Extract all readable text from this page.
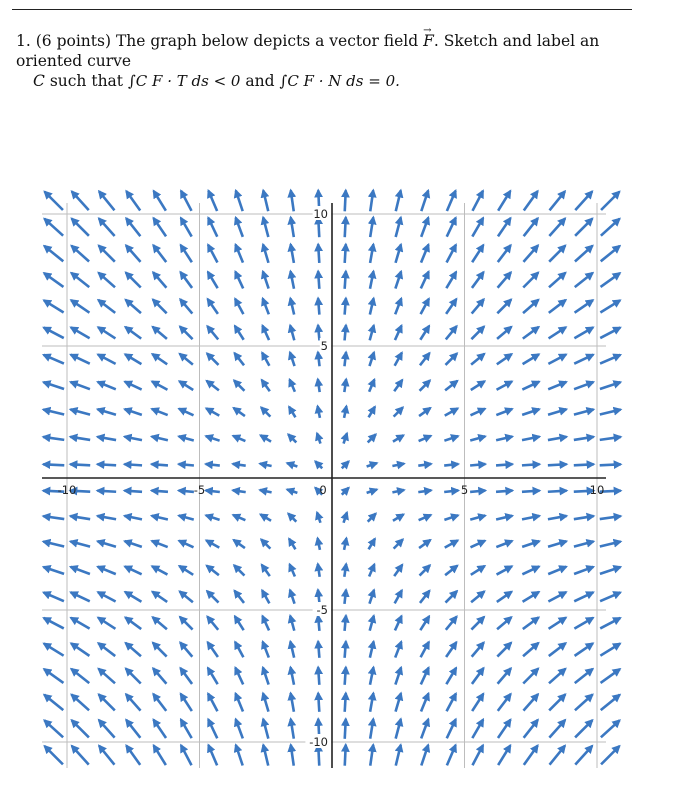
1. (6 points) The graph below depicts a vector field F →. Sketch and label an oriented curve
C such that ∫C F · T ds < 0 and ∫C F · N ds = 0.
-10	-5	0	5	10
10
5
-5
-10
